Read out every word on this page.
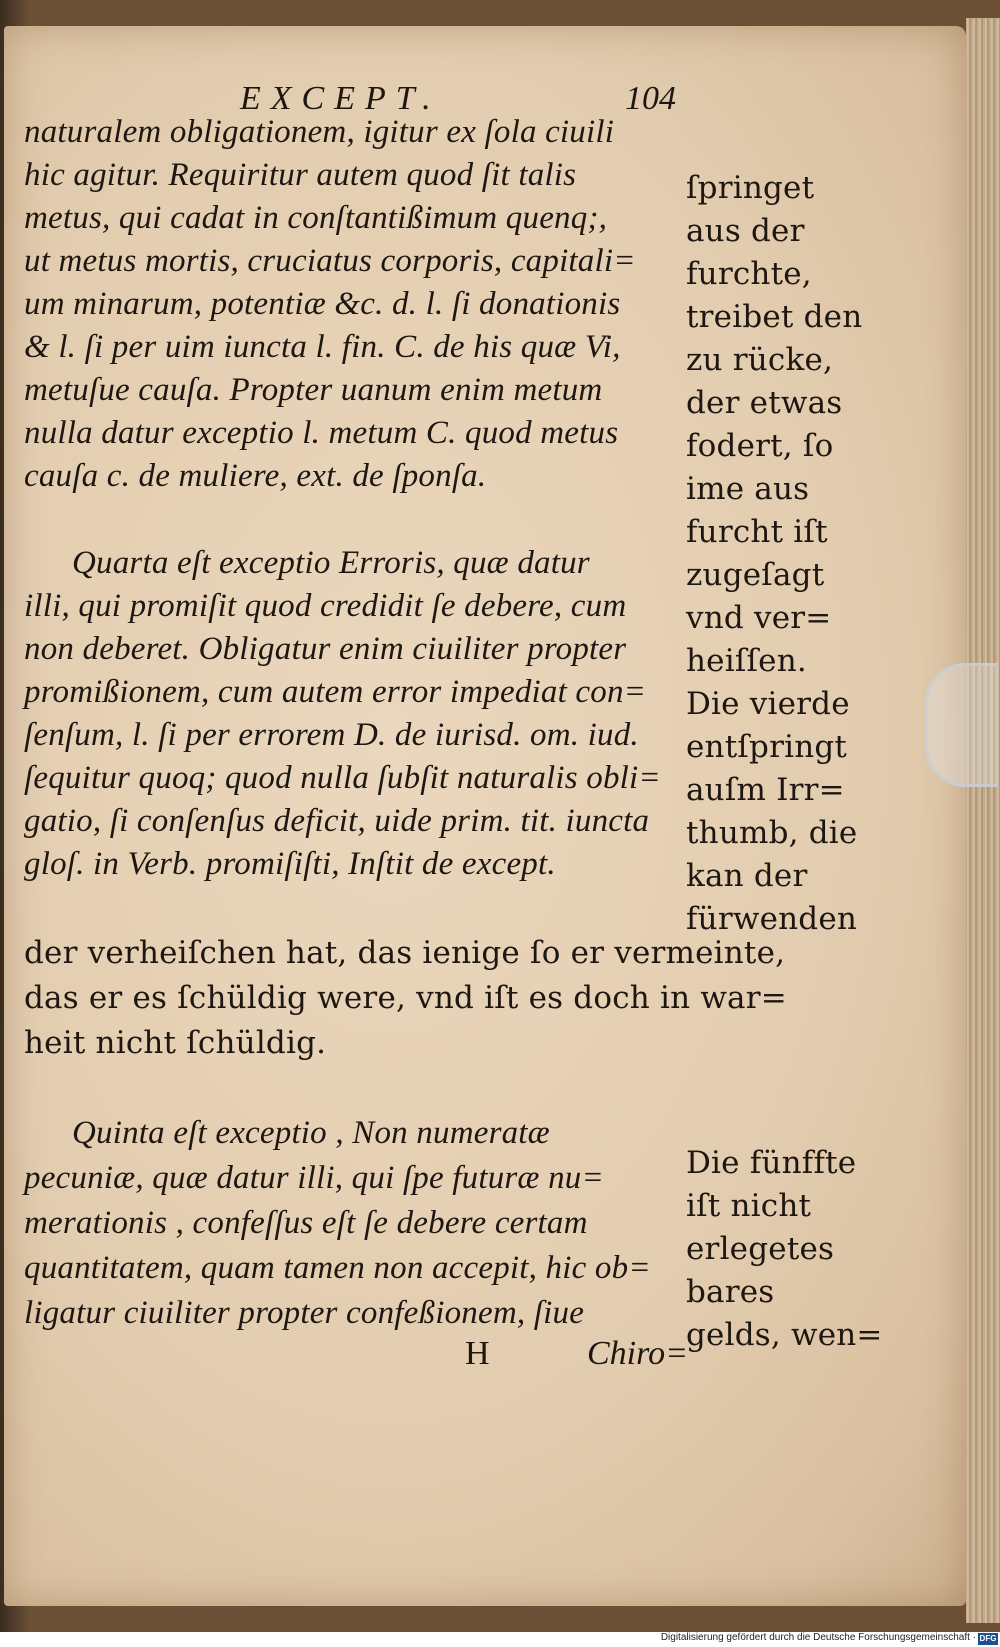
EXCEPT.	104
naturalem obligationem, igitur ex ſola ciuili
hic agitur. Requiritur autem quod ſit talis
metus, qui cadat in conſtantißimum quenq;,
ut metus mortis, cruciatus corporis, capitali=
um minarum, potentiæ &c. d. l. ſi donationis
& l. ſi per uim iuncta l. fin. C. de his quæ Vi,
metuſue cauſa. Propter uanum enim metum
nulla datur exceptio l. metum C. quod metus
cauſa c. de muliere, ext. de ſponſa.
Quarta eſt exceptio Erroris, quæ datur
illi, qui promiſit quod credidit ſe debere, cum
non deberet. Obligatur enim ciuiliter propter
promißionem, cum autem error impediat con=
ſenſum, l. ſi per errorem D. de iurisd. om. iud.
ſequitur quoq; quod nulla ſubſit naturalis obli=
gatio, ſi conſenſus deficit, uide prim. tit. iuncta
gloſ. in Verb. promiſiſti, Inſtit de except.
der verheiſchen hat, das ienige ſo er vermeinte,
das er es ſchüldig were, vnd iſt es doch in war=
heit nicht ſchüldig.
Quinta eſt exceptio , Non numeratæ
pecuniæ, quæ datur illi, qui ſpe futuræ nu=
merationis , confeſſus eſt ſe debere certam
quantitatem, quam tamen non accepit, hic ob=
ligatur ciuiliter propter confeßionem, ſiue
H	Chiro=
ſpringet
aus der
furchte,
treibet den
zu rücke,
der etwas
fodert, ſo
ime aus
furcht iſt
zugeſagt
vnd ver=
heiſſen.
Die vierde
entſpringt
auſm Irr=
thumb, die
kan der
fürwenden
Die fünffte
iſt nicht
erlegetes
bares
gelds, wen=
Digitalisierung gefördert durch die Deutsche Forschungsgemeinschaft · DFG
